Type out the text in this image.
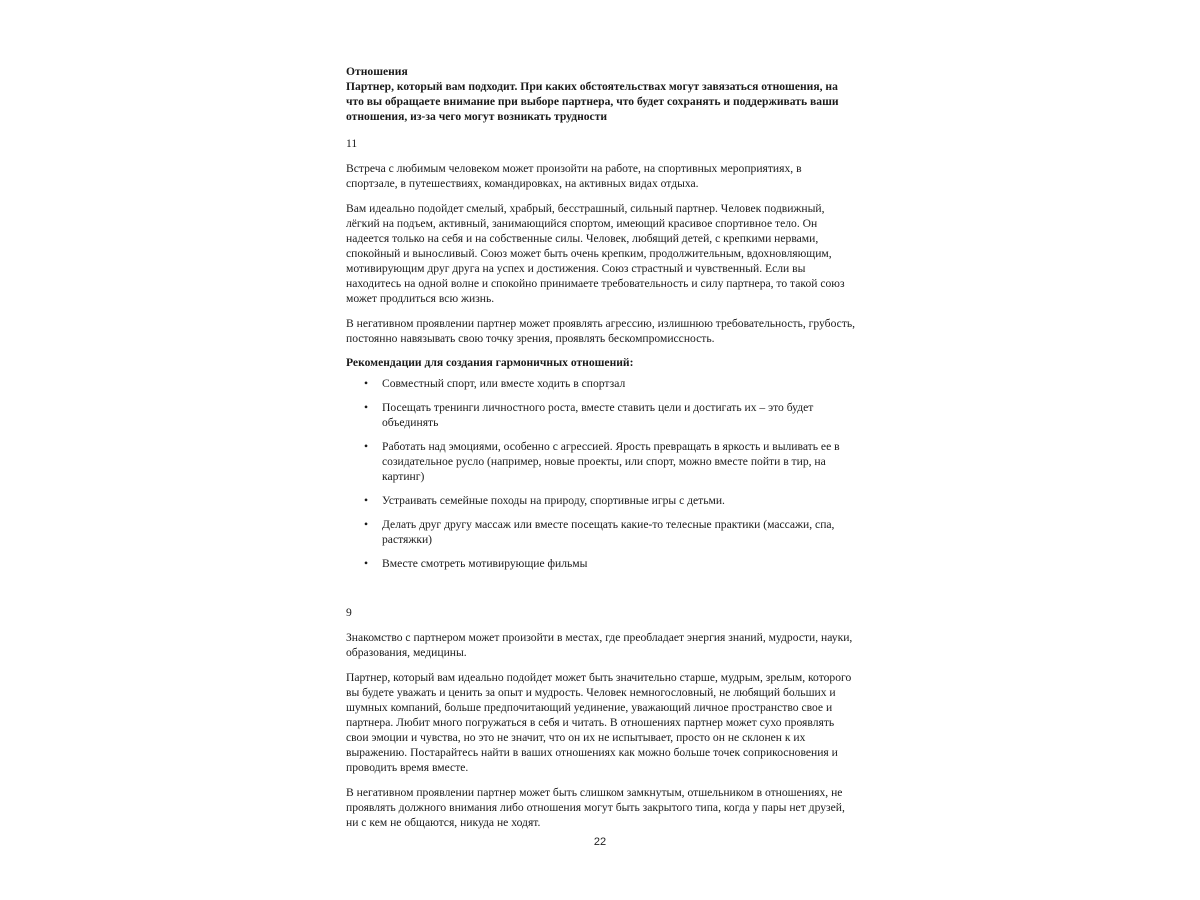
Отношения

Партнер, который вам подходит. При каких обстоятельствах могут завязаться отношения, на что вы обращаете внимание при выборе партнера, что будет сохранять и поддерживать ваши отношения, из-за чего могут возникать трудности

11

Встреча с любимым человеком может произойти на работе, на спортивных мероприятиях, в спортзале, в путешествиях, командировках, на активных видах отдыха.

Вам идеально подойдет смелый, храбрый, бесстрашный, сильный партнер. Человек подвижный, лёгкий на подъем, активный, занимающийся спортом, имеющий красивое спортивное тело. Он надеется только на себя и на собственные силы. Человек, любящий детей, с крепкими нервами, спокойный и выносливый. Союз может быть очень крепким, продолжительным, вдохновляющим, мотивирующим друг друга на успех и достижения. Союз страстный и чувственный. Если вы находитесь на одной волне и спокойно принимаете требовательность и силу партнера, то такой союз может продлиться всю жизнь.

В негативном проявлении партнер может проявлять агрессию, излишнюю требовательность, грубость, постоянно навязывать свою точку зрения, проявлять бескомпромиссность.

Рекомендации для создания гармоничных отношений:

• Совместный спорт, или вместе ходить в спортзал
• Посещать тренинги личностного роста, вместе ставить цели и достигать их – это будет объединять
• Работать над эмоциями, особенно с агрессией. Ярость превращать в яркость и выливать ее в созидательное русло (например, новые проекты, или спорт, можно вместе пойти в тир, на картинг)
• Устраивать семейные походы на природу, спортивные игры с детьми.
• Делать друг другу массаж или вместе посещать какие-то телесные практики (массажи, спа, растяжки)
• Вместе смотреть мотивирующие фильмы

9

Знакомство с партнером может произойти в местах, где преобладает энергия знаний, мудрости, науки, образования, медицины.

Партнер, который вам идеально подойдет может быть значительно старше, мудрым, зрелым, которого вы будете уважать и ценить за опыт и мудрость. Человек немногословный, не любящий больших и шумных компаний, больше предпочитающий уединение, уважающий личное пространство свое и партнера. Любит много погружаться в себя и читать. В отношениях партнер может сухо проявлять свои эмоции и чувства, но это не значит, что он их не испытывает, просто он не склонен к их выражению. Постарайтесь найти в ваших отношениях как можно больше точек соприкосновения и проводить время вместе.

В негативном проявлении партнер может быть слишком замкнутым, отшельником в отношениях, не проявлять должного внимания либо отношения могут быть закрытого типа, когда у пары нет друзей, ни с кем не общаются, никуда не ходят.

22
